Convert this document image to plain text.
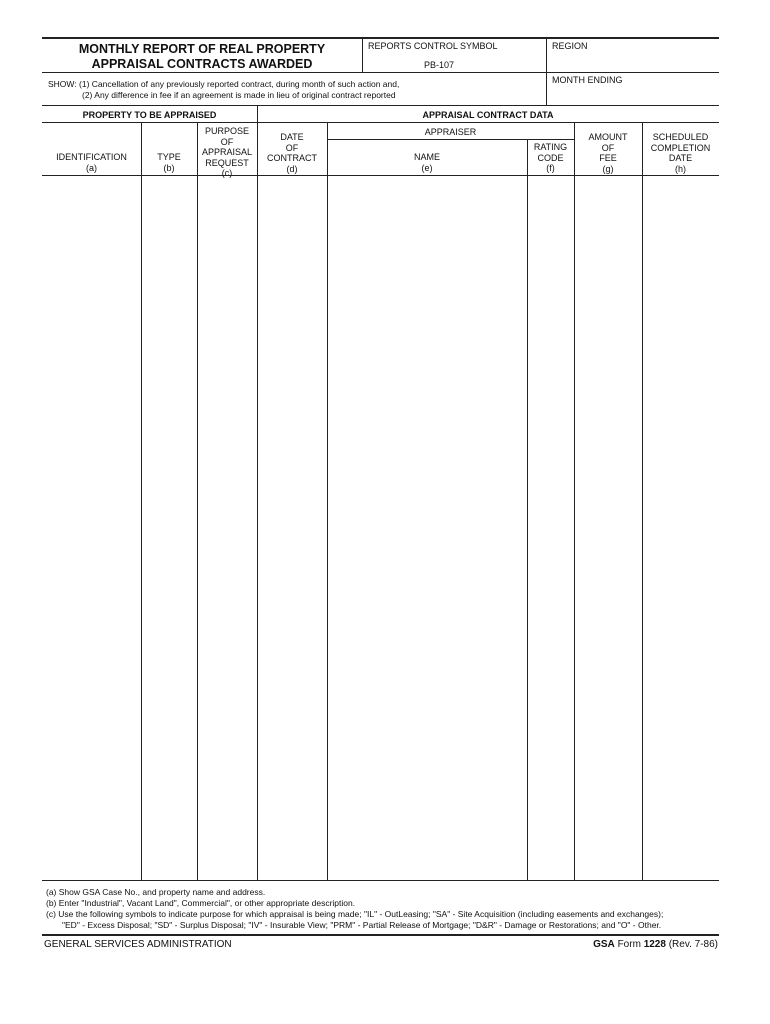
MONTHLY REPORT OF REAL PROPERTY
APPRAISAL CONTRACTS AWARDED
REPORTS CONTROL SYMBOL
PB-107
REGION
MONTH ENDING
SHOW: (1) Cancellation of any previously reported contract, during month of such action and,
(2) Any difference in fee if an agreement is made in lieu of original contract reported
PROPERTY TO BE APPRAISED	APPRAISAL CONTRACT DATA
APPRAISER
IDENTIFICATION
(a)
TYPE
(b)
PURPOSE
OF
APPRAISAL
REQUEST
(c)
DATE
OF
CONTRACT
(d)
NAME
(e)
RATING
CODE
(f)
AMOUNT
OF
FEE
(g)
SCHEDULED
COMPLETION
DATE
(h)
(a) Show GSA Case No., and property name and address.
(b) Enter "Industrial", Vacant Land", Commercial", or other appropriate description.
(c) Use the following symbols to indicate purpose for which appraisal is being made; "IL" - OutLeasing; "SA" - Site Acquisition (including easements and exchanges);
"ED" - Excess Disposal; "SD" - Surplus Disposal; "IV" - Insurable View; "PRM" - Partial Release of Mortgage; "D&R" - Damage or Restorations; and "O" - Other.
GENERAL SERVICES ADMINISTRATION	GSA Form 1228 (Rev. 7-86)
